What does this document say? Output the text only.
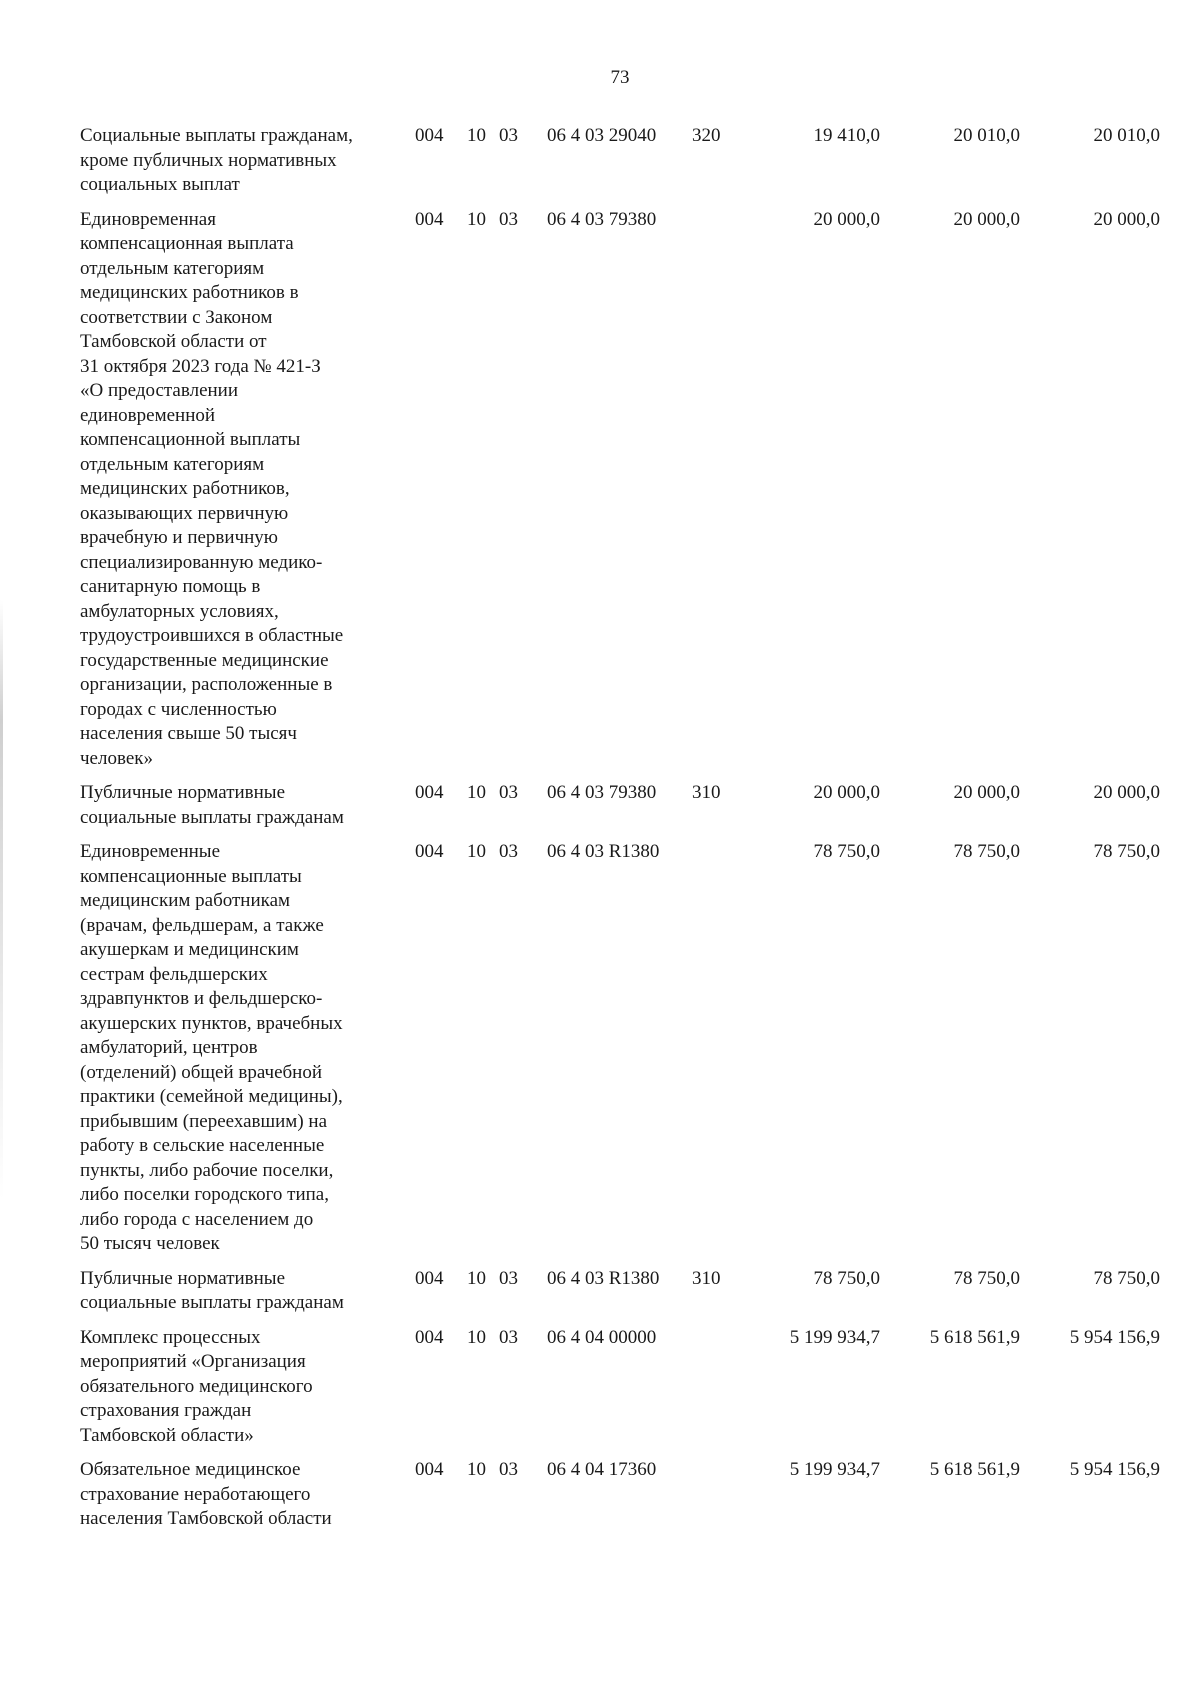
73
Социальные выплаты гражданам,
кроме публичных нормативных
социальных выплат
004 10 03 06 4 03 29040 320	19 410,0	20 010,0	20 010,0
Единовременная
компенсационная выплата
отдельным категориям
медицинских работников в
соответствии с Законом
Тамбовской области от
31 октября 2023 года № 421-З
«О предоставлении
единовременной
компенсационной выплаты
отдельным категориям
медицинских работников,
оказывающих первичную
врачебную и первичную
специализированную медико-
санитарную помощь в
амбулаторных условиях,
трудоустроившихся в областные
государственные медицинские
организации, расположенные в
городах с численностью
населения свыше 50 тысяч
человек»
004 10 03 06 4 03 79380	20 000,0	20 000,0	20 000,0
Публичные нормативные
социальные выплаты гражданам
004 10 03 06 4 03 79380 310	20 000,0	20 000,0	20 000,0
Единовременные
компенсационные выплаты
медицинским работникам
(врачам, фельдшерам, а также
акушеркам и медицинским
сестрам фельдшерских
здравпунктов и фельдшерско-
акушерских пунктов, врачебных
амбулаторий, центров
(отделений) общей врачебной
практики (семейной медицины),
прибывшим (переехавшим) на
работу в сельские населенные
пункты, либо рабочие поселки,
либо поселки городского типа,
либо города с населением до
50 тысяч человек
004 10 03 06 4 03 R1380	78 750,0	78 750,0	78 750,0
Публичные нормативные
социальные выплаты гражданам
004 10 03 06 4 03 R1380 310	78 750,0	78 750,0	78 750,0
Комплекс процессных
мероприятий «Организация
обязательного медицинского
страхования граждан
Тамбовской области»
004 10 03 06 4 04 00000	5 199 934,7	5 618 561,9	5 954 156,9
Обязательное медицинское
страхование неработающего
населения Тамбовской области
004 10 03 06 4 04 17360	5 199 934,7	5 618 561,9	5 954 156,9
